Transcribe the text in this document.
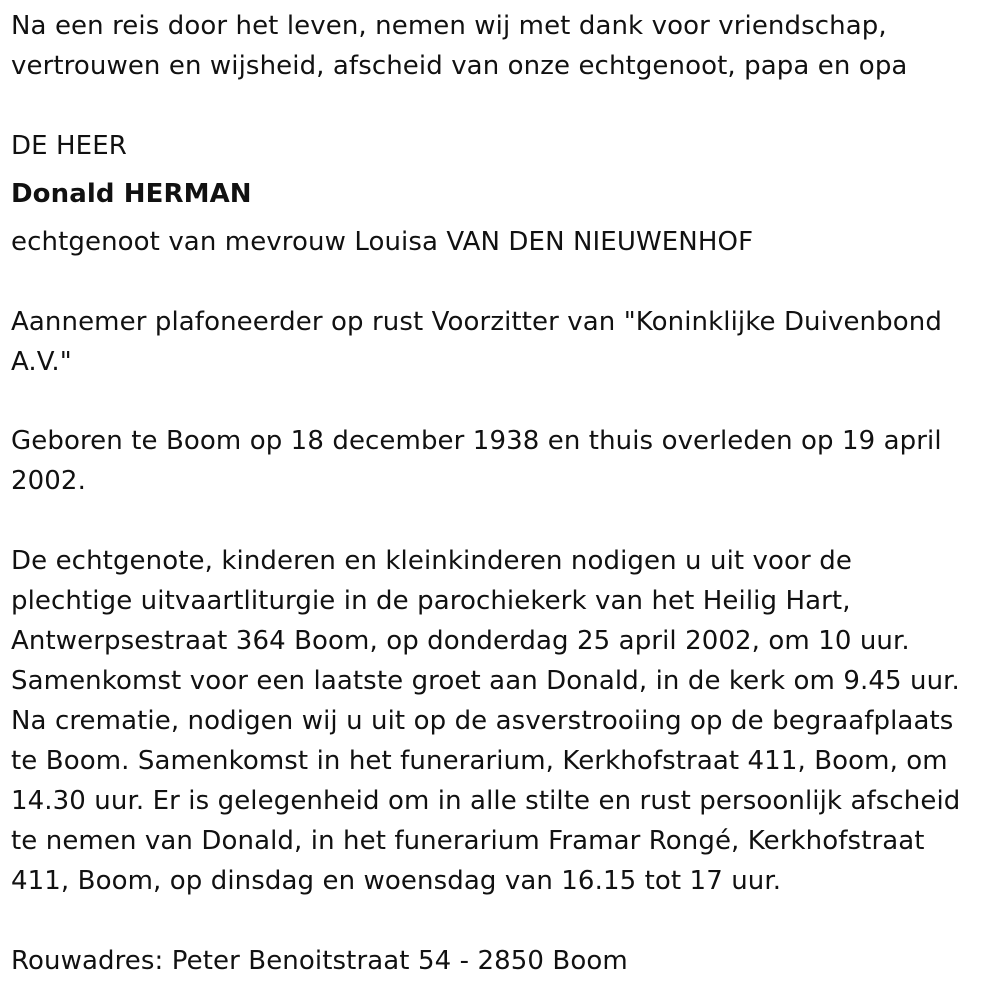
Na een reis door het leven, nemen wij met dank voor vriendschap,
vertrouwen en wijsheid, afscheid van onze echtgenoot, papa en opa
DE HEER
Donald HERMAN
echtgenoot van mevrouw Louisa VAN DEN NIEUWENHOF
Aannemer plafoneerder op rust Voorzitter van "Koninklijke Duivenbond
A.V."
Geboren te Boom op 18 december 1938 en thuis overleden op 19 april
2002.
De echtgenote, kinderen en kleinkinderen nodigen u uit voor de
plechtige uitvaartliturgie in de parochiekerk van het Heilig Hart,
Antwerpsestraat 364 Boom, op donderdag 25 april 2002, om 10 uur.
Samenkomst voor een laatste groet aan Donald, in de kerk om 9.45 uur.
Na crematie, nodigen wij u uit op de asverstrooiing op de begraafplaats
te Boom. Samenkomst in het funerarium, Kerkhofstraat 411, Boom, om
14.30 uur. Er is gelegenheid om in alle stilte en rust persoonlijk afscheid
te nemen van Donald, in het funerarium Framar Rongé, Kerkhofstraat
411, Boom, op dinsdag en woensdag van 16.15 tot 17 uur.
Rouwadres: Peter Benoitstraat 54 - 2850 Boom
